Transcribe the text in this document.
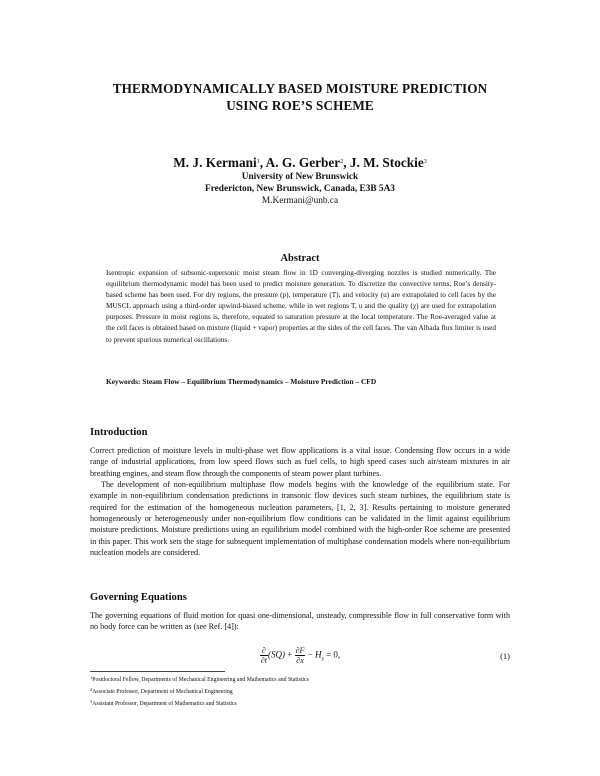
THERMODYNAMICALLY BASED MOISTURE PREDICTION
USING ROE’S SCHEME
M. J. Kermani$^1$, A. G. Gerber$^2$, J. M. Stockie$^3$
University of New Brunswick
Fredericton, New Brunswick, Canada, E3B 5A3
M.Kermani@unb.ca
Abstract
Isentropic expansion of subsonic-supersonic moist steam flow in 1D converging-diverging nozzles is studied numerically. The equilibrium thermodynamic model has been used to predict moisture generation. To discretize the convective terms, Roe’s density-based scheme has been used. For dry regions, the pressure (p), temperature (T), and velocity (u) are extrapolated to cell faces by the MUSCL approach using a third-order upwind-biased scheme, while in wet regions T, u and the quality (χ) are used for extrapolation purposes. Pressure in moist regions is, therefore, equated to saturation pressure at the local temperature. The Roe-averaged value at the cell faces is obtained based on mixture (liquid + vapor) properties at the sides of the cell faces. The van Albada flux limiter is used to prevent spurious numerical oscillations.
Keywords: Steam Flow – Equilibrium Thermodynamics – Moisture Prediction – CFD
Introduction

Correct prediction of moisture levels in multi-phase wet flow applications is a vital issue. Condensing flow occurs in a wide range of industrial applications, from low speed flows such as fuel cells, to high speed cases such air/steam mixtures in air breathing engines, and steam flow through the components of steam power plant turbines.

The development of non-equilibrium multiphase flow models begins with the knowledge of the equilibrium state. For example in non-equilibrium condensation predictions in transonic flow devices such steam turbines, the equilibrium state is required for the estimation of the homogeneous nucleation parameters, [1, 2, 3]. Results pertaining to moisture generated homogeneously or heterogeneously under non-equilibrium flow conditions can be validated in the limit against equilibrium moisture predictions. Moisture predictions using an equilibrium model combined with the high-order Roe scheme are presented in this paper. This work sets the stage for subsequent implementation of multiphase condensation models where non-equilibrium nucleation models are considered.

Governing Equations

The governing equations of fluid motion for quasi one-dimensional, unsteady, compressible flow in full conservative form with no body force can be written as (see Ref. [4]):

$\frac{\partial}{\partial t} (SQ) + \frac{\partial F}{\partial x} - H_s = 0$,	(1)
$^1$Postdoctoral Fellow, Departments of Mechanical Engineering and Mathematics and Statistics
$^2$Associate Professor, Department of Mechanical Engineering
$^3$Assistant Professor, Department of Mathematics and Statistics
